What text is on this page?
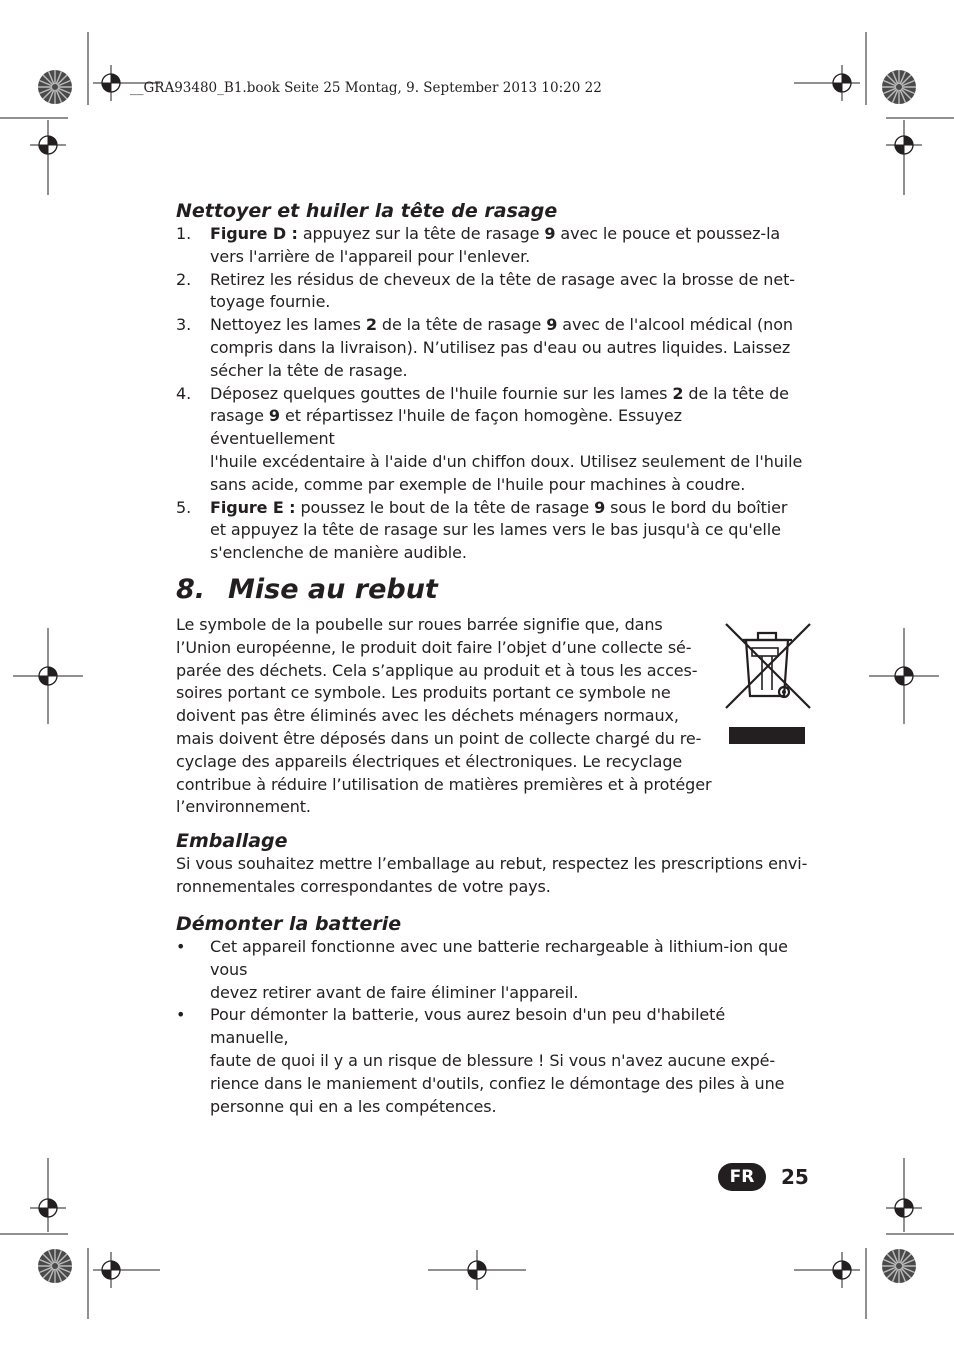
__GRA93480_B1.book Seite 25 Montag, 9. September 2013 10:20 22
Nettoyer et huiler la tête de rasage
1. Figure D : appuyez sur la tête de rasage 9 avec le pouce et poussez-la
vers l'arrière de l'appareil pour l'enlever.
2. Retirez les résidus de cheveux de la tête de rasage avec la brosse de net-
toyage fournie.
3. Nettoyez les lames 2 de la tête de rasage 9 avec de l'alcool médical (non
compris dans la livraison). N’utilisez pas d'eau ou autres liquides. Laissez
sécher la tête de rasage.
4. Déposez quelques gouttes de l'huile fournie sur les lames 2 de la tête de
rasage 9 et répartissez l'huile de façon homogène. Essuyez éventuellement
l'huile excédentaire à l'aide d'un chiffon doux. Utilisez seulement de l'huile
sans acide, comme par exemple de l'huile pour machines à coudre.
5. Figure E : poussez le bout de la tête de rasage 9 sous le bord du boîtier
et appuyez la tête de rasage sur les lames vers le bas jusqu'à ce qu'elle
s'enclenche de manière audible.
8. Mise au rebut
Le symbole de la poubelle sur roues barrée signifie que, dans
l’Union européenne, le produit doit faire l’objet d’une collecte sé-
parée des déchets. Cela s’applique au produit et à tous les acces-
soires portant ce symbole. Les produits portant ce symbole ne
doivent pas être éliminés avec les déchets ménagers normaux,
mais doivent être déposés dans un point de collecte chargé du re-
cyclage des appareils électriques et électroniques. Le recyclage
contribue à réduire l’utilisation de matières premières et à protéger
l’environnement.
Emballage
Si vous souhaitez mettre l’emballage au rebut, respectez les prescriptions envi-
ronnementales correspondantes de votre pays.
Démonter la batterie
• Cet appareil fonctionne avec une batterie rechargeable à lithium-ion que vous
devez retirer avant de faire éliminer l'appareil.
• Pour démonter la batterie, vous aurez besoin d'un peu d'habileté manuelle,
faute de quoi il y a un risque de blessure ! Si vous n'avez aucune expé-
rience dans le maniement d'outils, confiez le démontage des piles à une
personne qui en a les compétences.
FR	25
